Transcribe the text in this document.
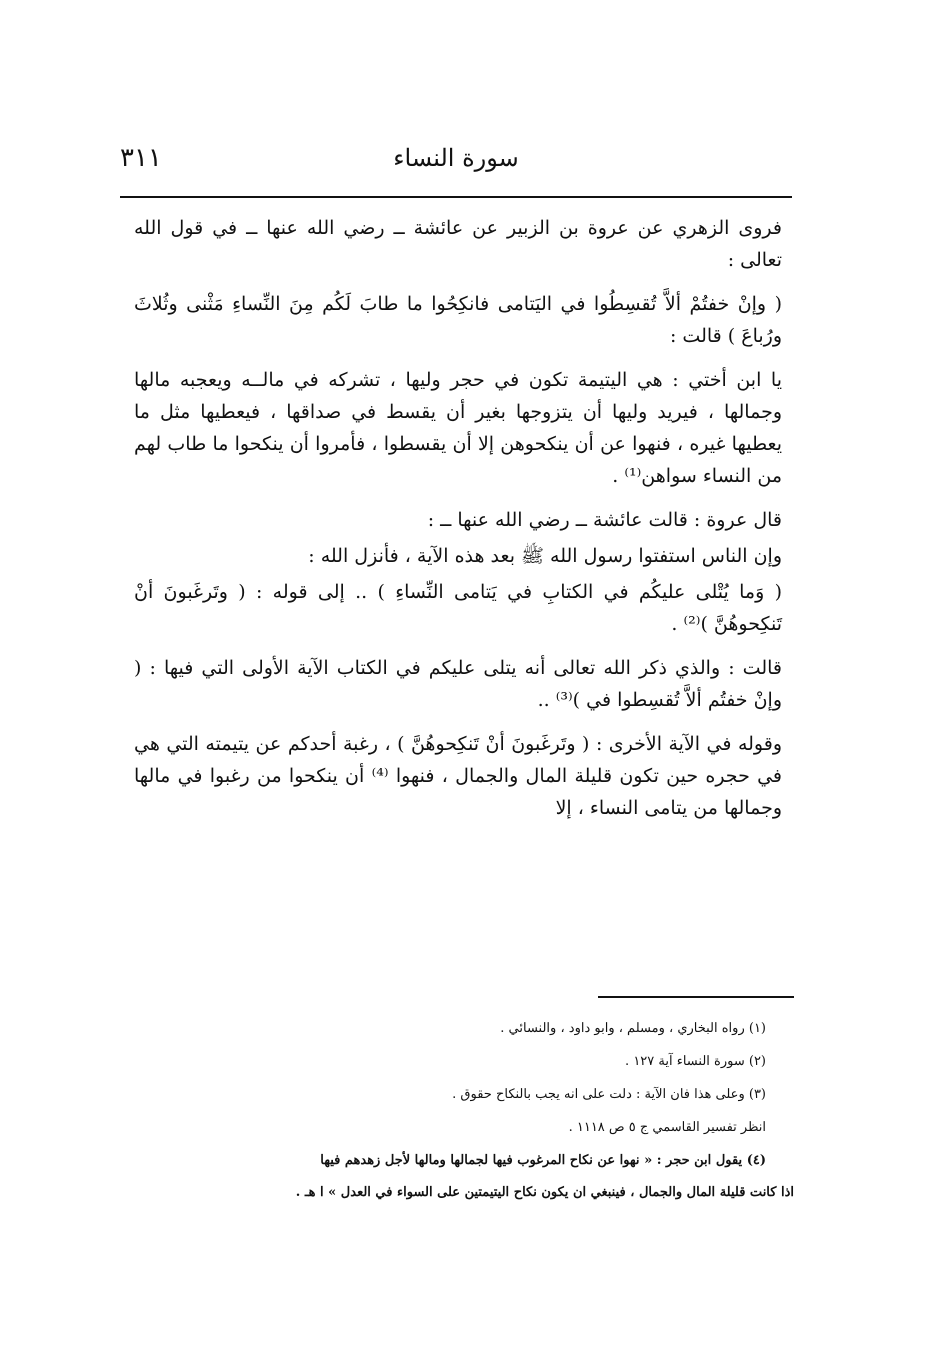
سورة النساء
٣١١

فروى الزهري عن عروة بن الزبير عن عائشة ــ رضي الله عنها ــ في قول الله تعالى :

( وإنْ خفتُمْ ألاَّ تُقسِطُوا في اليَتامى فانكِحُوا ما طابَ لَكُم مِنَ النِّساءِ مَثْنى وثُلاثَ ورُباعَ ) قالت :

يا ابن أختي : هي اليتيمة تكون في حجر وليها ، تشركه في مالــه ويعجبه مالها وجمالها ، فيريد وليها أن يتزوجها بغير أن يقسط في صداقها ، فيعطيها مثل ما يعطيها غيره ، فنهوا عن أن ينكحوهن إلا أن يقسطوا ، فأمروا أن ينكحوا ما طاب لهم من النساء سواهن⁽¹⁾ .

قال عروة : قالت عائشة ــ رضي الله عنها ــ :

وإن الناس استفتوا رسول الله ﷺ بعد هذه الآية ، فأنزل الله :

( وَما يُتْلى عليكُم في الكتابِ في يَتامى النِّساءِ ) .. إلى قوله : ( وتَرغَبونَ أنْ تَنكِحوهُنَّ )⁽²⁾ .

قالت : والذي ذكر الله تعالى أنه يتلى عليكم في الكتاب الآية الأولى التي فيها : ( وإنْ خفتُم ألاَّ تُقسِطوا في )⁽³⁾ ..

وقوله في الآية الأخرى : ( وتَرغَبونَ أنْ تَنكِحوهُنَّ ) ، رغبة أحدكم عن يتيمته التي هي في حجره حين تكون قليلة المال والجمال ، فنهوا ⁽⁴⁾ أن ينكحوا من رغبوا في مالها وجمالها من يتامى النساء ، إلا

(١) رواه البخاري ، ومسلم ، وابو داود ، والنسائي .

(٢) سورة النساء آية ١٢٧ .

(٣) وعلى هذا فان الآية : دلت على انه يجب بالنكاح حقوق .

انظر تفسير القاسمي ج ٥ ص ١١١٨ .

(٤) يقول ابن حجر : « نهوا عن نكاح المرغوب فيها لجمالها ومالها لأجل زهدهم فيها

اذا كانت قليلة المال والجمال ، فينبغي ان يكون نكاح اليتيمتين على السواء في العدل » ا هـ .
